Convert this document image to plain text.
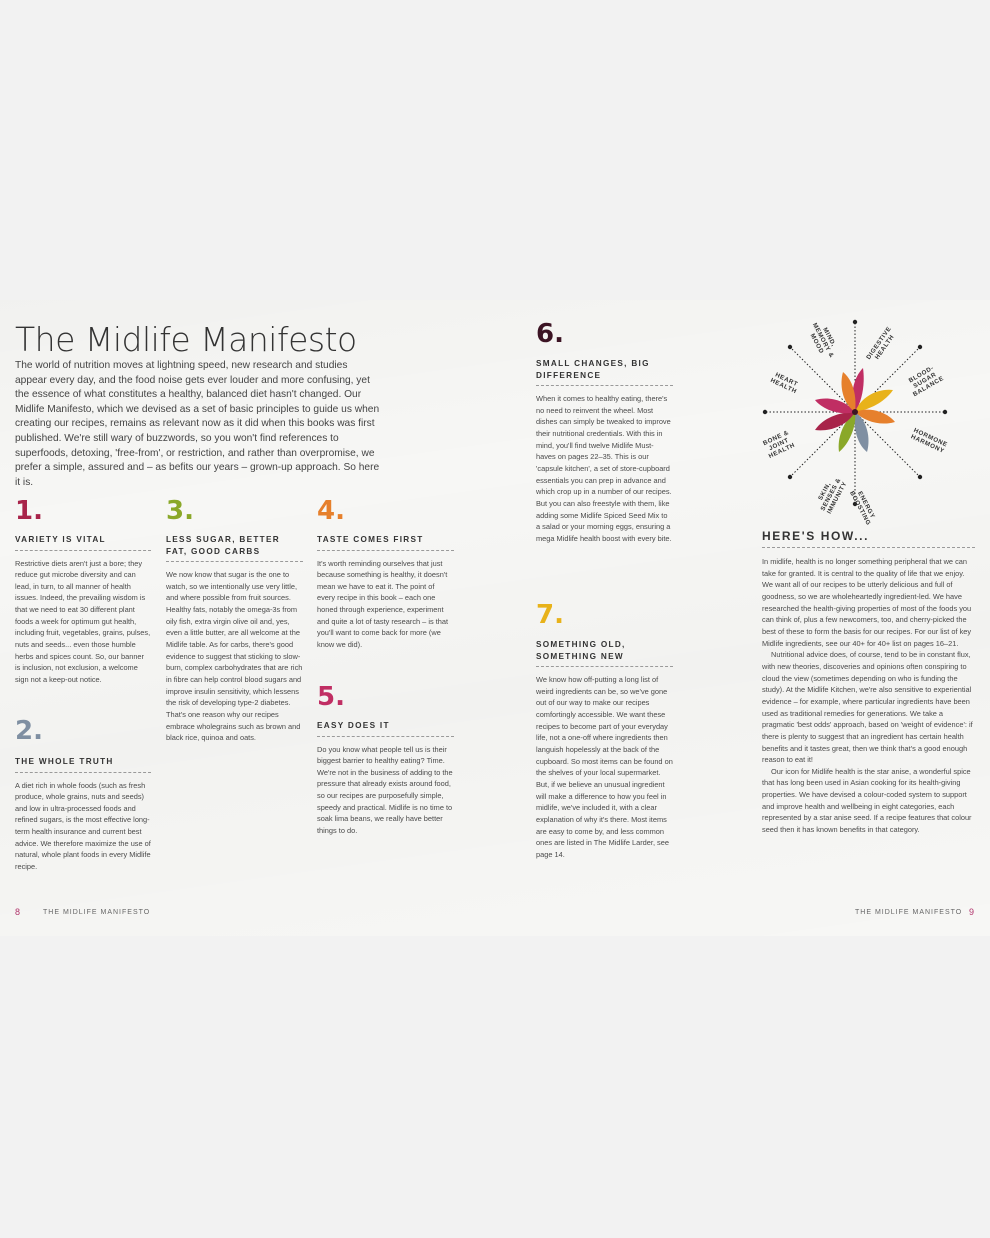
The Midlife Manifesto
The world of nutrition moves at lightning speed, new research and studies appear every day, and the food noise gets ever louder and more confusing, yet the essence of what constitutes a healthy, balanced diet hasn't changed. Our Midlife Manifesto, which we devised as a set of basic principles to guide us when creating our recipes, remains as relevant now as it did when this books was first published. We're still wary of buzzwords, so you won't find references to superfoods, detoxing, 'free-from', or restriction, and rather than overpromise, we prefer a simple, assured and – as befits our years – grown-up approach. So here it is.
1.
VARIETY IS VITAL
Restrictive diets aren't just a bore; they reduce gut microbe diversity and can lead, in turn, to all manner of health issues. Indeed, the prevailing wisdom is that we need to eat 30 different plant foods a week for optimum gut health, including fruit, vegetables, grains, pulses, nuts and seeds... even those humble herbs and spices count. So, our banner is inclusion, not exclusion, a welcome sign not a keep-out notice.
2.
THE WHOLE TRUTH
A diet rich in whole foods (such as fresh produce, whole grains, nuts and seeds) and low in ultra-processed foods and refined sugars, is the most effective long-term health insurance and current best advice. We therefore maximize the use of natural, whole plant foods in every Midlife recipe.
3.
LESS SUGAR, BETTER FAT, GOOD CARBS
We now know that sugar is the one to watch, so we intentionally use very little, and where possible from fruit sources. Healthy fats, notably the omega-3s from oily fish, extra virgin olive oil and, yes, even a little butter, are all welcome at the Midlife table. As for carbs, there's good evidence to suggest that sticking to slow-burn, complex carbohydrates that are rich in fibre can help control blood sugars and improve insulin sensitivity, which lessens the risk of developing type-2 diabetes. That's one reason why our recipes embrace wholegrains such as brown and black rice, quinoa and oats.
4.
TASTE COMES FIRST
It's worth reminding ourselves that just because something is healthy, it doesn't mean we have to eat it. The point of every recipe in this book – each one honed through experience, experiment and quite a lot of tasty research – is that you'll want to come back for more (we know we did).
5.
EASY DOES IT
Do you know what people tell us is their biggest barrier to healthy eating? Time. We're not in the business of adding to the pressure that already exists around food, so our recipes are purposefully simple, speedy and practical. Midlife is no time to soak lima beans, we really have better things to do.
6.
SMALL CHANGES, BIG DIFFERENCE
When it comes to healthy eating, there's no need to reinvent the wheel. Most dishes can simply be tweaked to improve their nutritional credentials. With this in mind, you'll find twelve Midlife Must-haves on pages 22–35. This is our 'capsule kitchen', a set of store-cupboard essentials you can prep in advance and which crop up in a number of our recipes. But you can also freestyle with them, like adding some Midlife Spiced Seed Mix to a salad or your morning eggs, ensuring a mega Midlife health boost with every bite.
7.
SOMETHING OLD, SOMETHING NEW
We know how off-putting a long list of weird ingredients can be, so we've gone out of our way to make our recipes comfortingly accessible. We want these recipes to become part of your everyday life, not a one-off where ingredients then languish hopelessly at the back of the cupboard. So most items can be found on the shelves of your local supermarket. But, if we believe an unusual ingredient will make a difference to how you feel in midlife, we've included it, with a clear explanation of why it's there. Most items are easy to come by, and less common ones are listed in The Midlife Larder, see page 14.
DIGESTIVE HEALTH
BLOOD-SUGAR BALANCE
HORMONE HARMONY
ENERGY BOOSTING
SKIN, SENSES & IMMUNITY
BONE & JOINT HEALTH
HEART HEALTH
MIND, MEMORY & MOOD
HERE'S HOW...

In midlife, health is no longer something peripheral that we can take for granted. It is central to the quality of life that we enjoy. We want all of our recipes to be utterly delicious and full of goodness, so we are wholeheartedly ingredient-led. We have researched the health-giving properties of most of the foods you can think of, plus a few newcomers, too, and cherry-picked the best of these to form the basis for our recipes. For our list of key Midlife ingredients, see our 40+ for 40+ list on pages 16–21.

Nutritional advice does, of course, tend to be in constant flux, with new theories, discoveries and opinions often conspiring to cloud the view (sometimes depending on who is funding the study). At the Midlife Kitchen, we're also sensitive to experiential evidence – for example, where particular ingredients have been used as traditional remedies for generations. We take a pragmatic 'best odds' approach, based on 'weight of evidence': if there is plenty to suggest that an ingredient has certain health benefits and it tastes great, then we think that's a good enough reason to eat it!

Our icon for Midlife health is the star anise, a wonderful spice that has long been used in Asian cooking for its health-giving properties. We have devised a colour-coded system to support and improve health and wellbeing in eight categories, each represented by a star anise seed. If a recipe features that colour seed then it has known benefits in that category.

8	THE MIDLIFE MANIFESTO	THE MIDLIFE MANIFESTO 9
